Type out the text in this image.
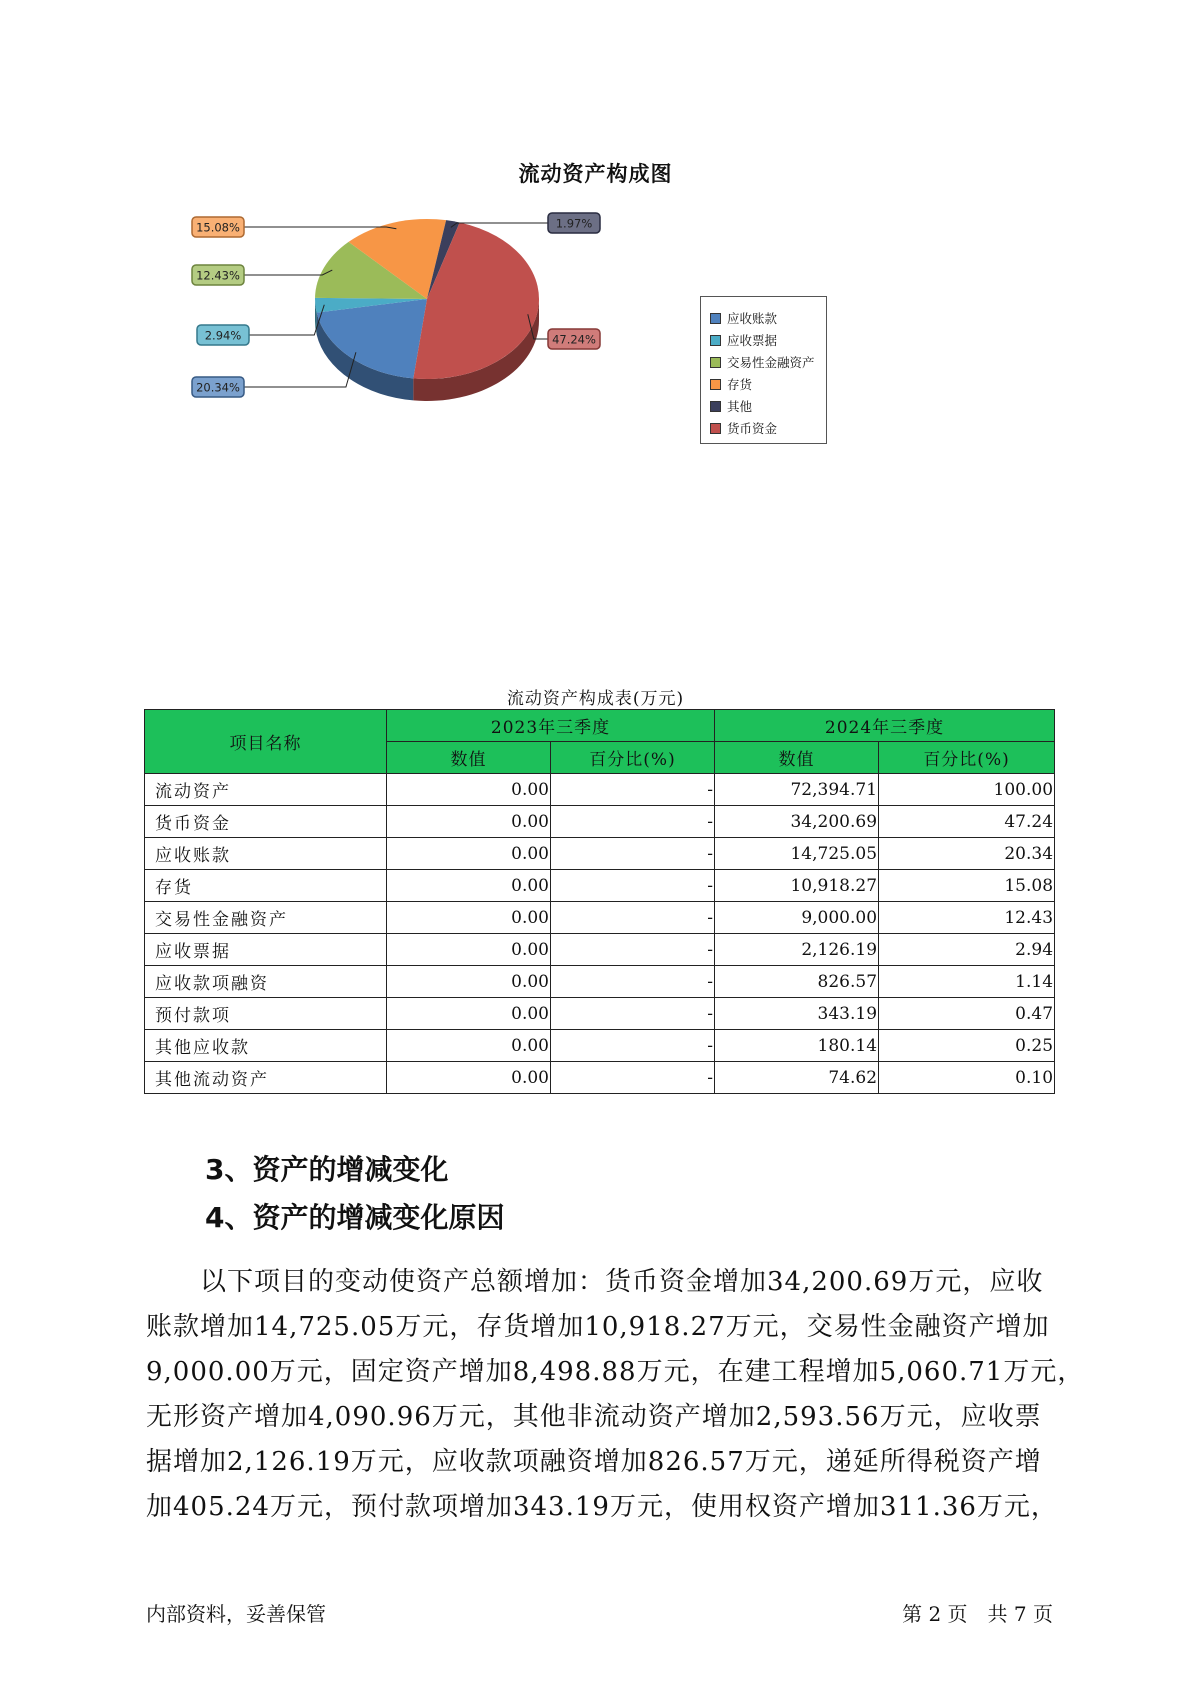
流动资产构成图
20.34%
2.94%
12.43%
15.08%	1.97%
47.24%
应收账款
应收票据
交易性金融资产
存货
其他
货币资金
流动资产构成表(万元)
项目名称	2023年三季度		2024年三季度	
	数值	百分比(%)	数值	百分比(%)
流动资产	0.00	-	72,394.71	100.00
货币资金	0.00	-	34,200.69	47.24
应收账款	0.00	-	14,725.05	20.34
存货	0.00	-	10,918.27	15.08
交易性金融资产	0.00	-	9,000.00	12.43
应收票据	0.00	-	2,126.19	2.94
应收款项融资	0.00	-	826.57	1.14
预付款项	0.00	-	343.19	0.47
其他应收款	0.00	-	180.14	0.25
其他流动资产	0.00	-	74.62	0.10
3、资产的增减变化
4、资产的增减变化原因
　　以下项目的变动使资产总额增加：货币资金增加34,200.69万元，应收
账款增加14,725.05万元，存货增加10,918.27万元，交易性金融资产增加
9,000.00万元，固定资产增加8,498.88万元，在建工程增加5,060.71万元，
无形资产增加4,090.96万元，其他非流动资产增加2,593.56万元，应收票
据增加2,126.19万元，应收款项融资增加826.57万元，递延所得税资产增
加405.24万元，预付款项增加343.19万元，使用权资产增加311.36万元，
内部资料，妥善保管	第 2 页　共 7 页
